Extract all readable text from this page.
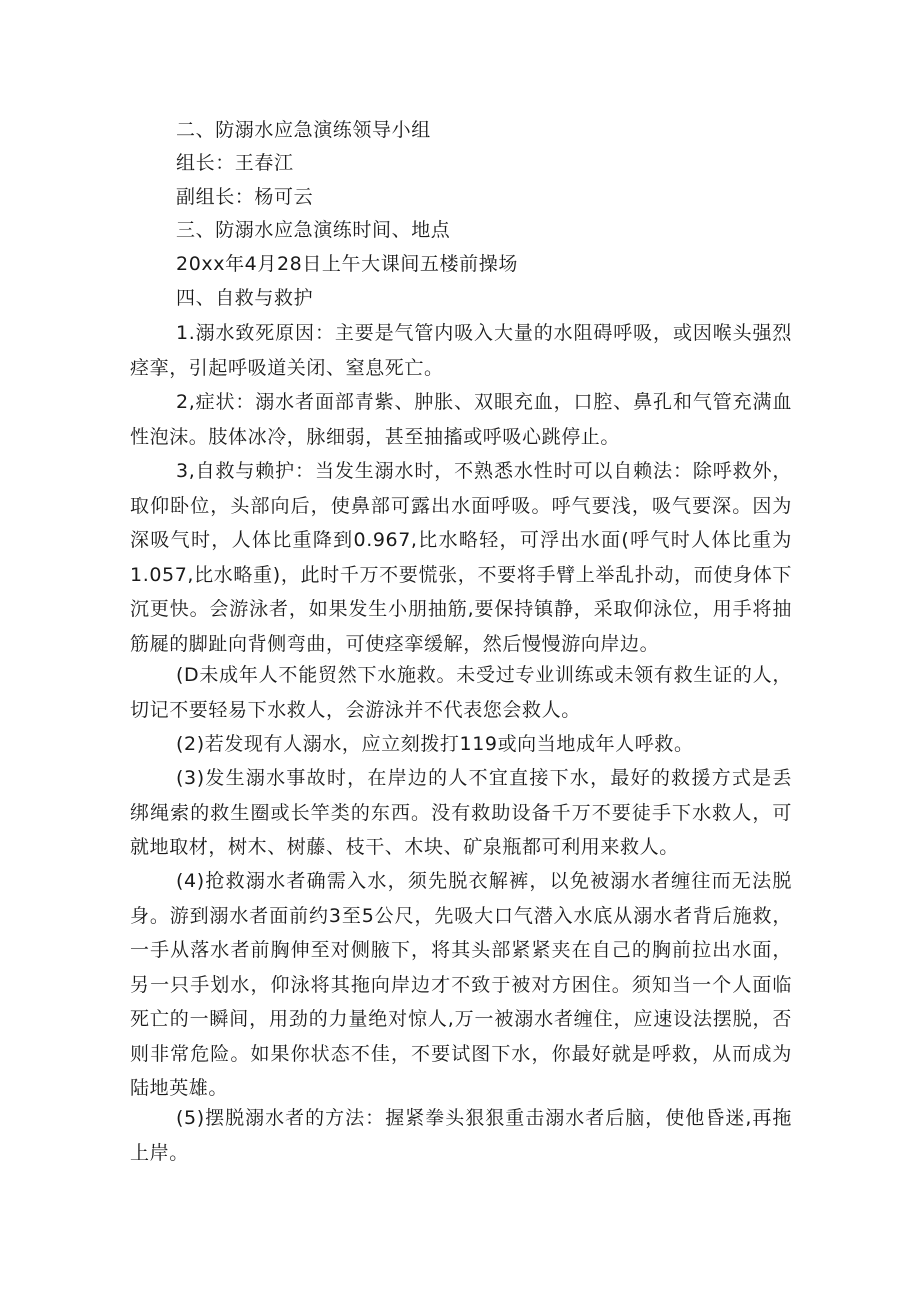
二、防溺水应急演练领导小组
组长：王春江
副组长：杨可云
三、防溺水应急演练时间、地点
20xx年4月28日上午大课间五楼前操场
四、自救与救护

1.溺水致死原因：主要是气管内吸入大量的水阻碍呼吸，或因喉头强烈痉挛，引起呼吸道关闭、窒息死亡。

2,症状：溺水者面部青紫、肿胀、双眼充血，口腔、鼻孔和气管充满血性泡沫。肢体冰冷，脉细弱，甚至抽搐或呼吸心跳停止。

3,自救与赖护：当发生溺水时，不熟悉水性时可以自赖法：除呼救外，取仰卧位，头部向后，使鼻部可露出水面呼吸。呼气要浅，吸气要深。因为深吸气时，人体比重降到0.967,比水略轻，可浮出水面(呼气时人体比重为1.057,比水略重)，此时千万不要慌张，不要将手臂上举乱扑动，而使身体下沉更快。会游泳者，如果发生小朋抽筋,要保持镇静，采取仰泳位，用手将抽筋屣的脚趾向背侧弯曲，可使痉挛缓解，然后慢慢游向岸边。

(D未成年人不能贸然下水施救。未受过专业训练或未领有救生证的人，切记不要轻易下水救人，会游泳并不代表您会救人。

(2)若发现有人溺水，应立刻拨打119或向当地成年人呼救。

(3)发生溺水事故时，在岸边的人不宜直接下水，最好的救援方式是丢绑绳索的救生圈或长竿类的东西。没有救助设备千万不要徒手下水救人，可就地取材，树木、树藤、枝干、木块、矿泉瓶都可利用来救人。

(4)抢救溺水者确需入水，须先脱衣解裤，以免被溺水者缠往而无法脱身。游到溺水者面前约3至5公尺，先吸大口气潜入水底从溺水者背后施救，一手从落水者前胸伸至对侧腋下，将其头部紧紧夹在自己的胸前拉出水面，另一只手划水，仰泳将其拖向岸边才不致于被对方困住。须知当一个人面临死亡的一瞬间，用劲的力量绝对惊人,万一被溺水者缠住，应速设法摆脱，否则非常危险。如果你状态不佳，不要试图下水，你最好就是呼救，从而成为陆地英雄。

(5)摆脱溺水者的方法：握紧拳头狠狠重击溺水者后脑，使他昏迷,再拖上岸。
